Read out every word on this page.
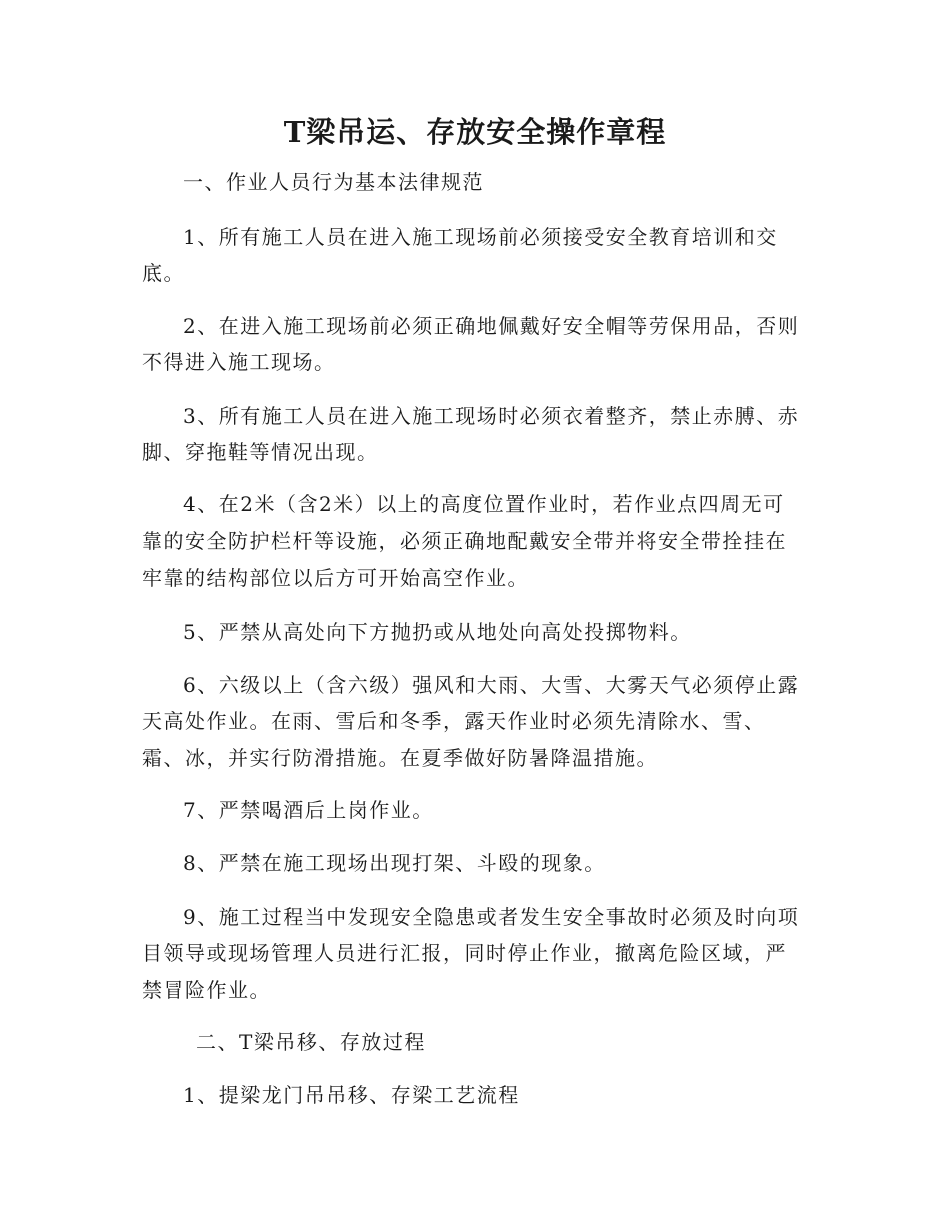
T梁吊运、存放安全操作章程
一、作业人员行为基本法律规范
1、所有施工人员在进入施工现场前必须接受安全教育培训和交
底。
2、在进入施工现场前必须正确地佩戴好安全帽等劳保用品，否则
不得进入施工现场。
3、所有施工人员在进入施工现场时必须衣着整齐，禁止赤膊、赤
脚、穿拖鞋等情况出现。
4、在2米（含2米）以上的高度位置作业时，若作业点四周无可
靠的安全防护栏杆等设施，必须正确地配戴安全带并将安全带拴挂在
牢靠的结构部位以后方可开始高空作业。
5、严禁从高处向下方抛扔或从地处向高处投掷物料。
6、六级以上（含六级）强风和大雨、大雪、大雾天气必须停止露
天高处作业。在雨、雪后和冬季，露天作业时必须先清除水、雪、
霜、冰，并实行防滑措施。在夏季做好防暑降温措施。
7、严禁喝酒后上岗作业。
8、严禁在施工现场出现打架、斗殴的现象。
9、施工过程当中发现安全隐患或者发生安全事故时必须及时向项
目领导或现场管理人员进行汇报，同时停止作业，撤离危险区域，严
禁冒险作业。
二、T梁吊移、存放过程
1、提梁龙门吊吊移、存梁工艺流程
